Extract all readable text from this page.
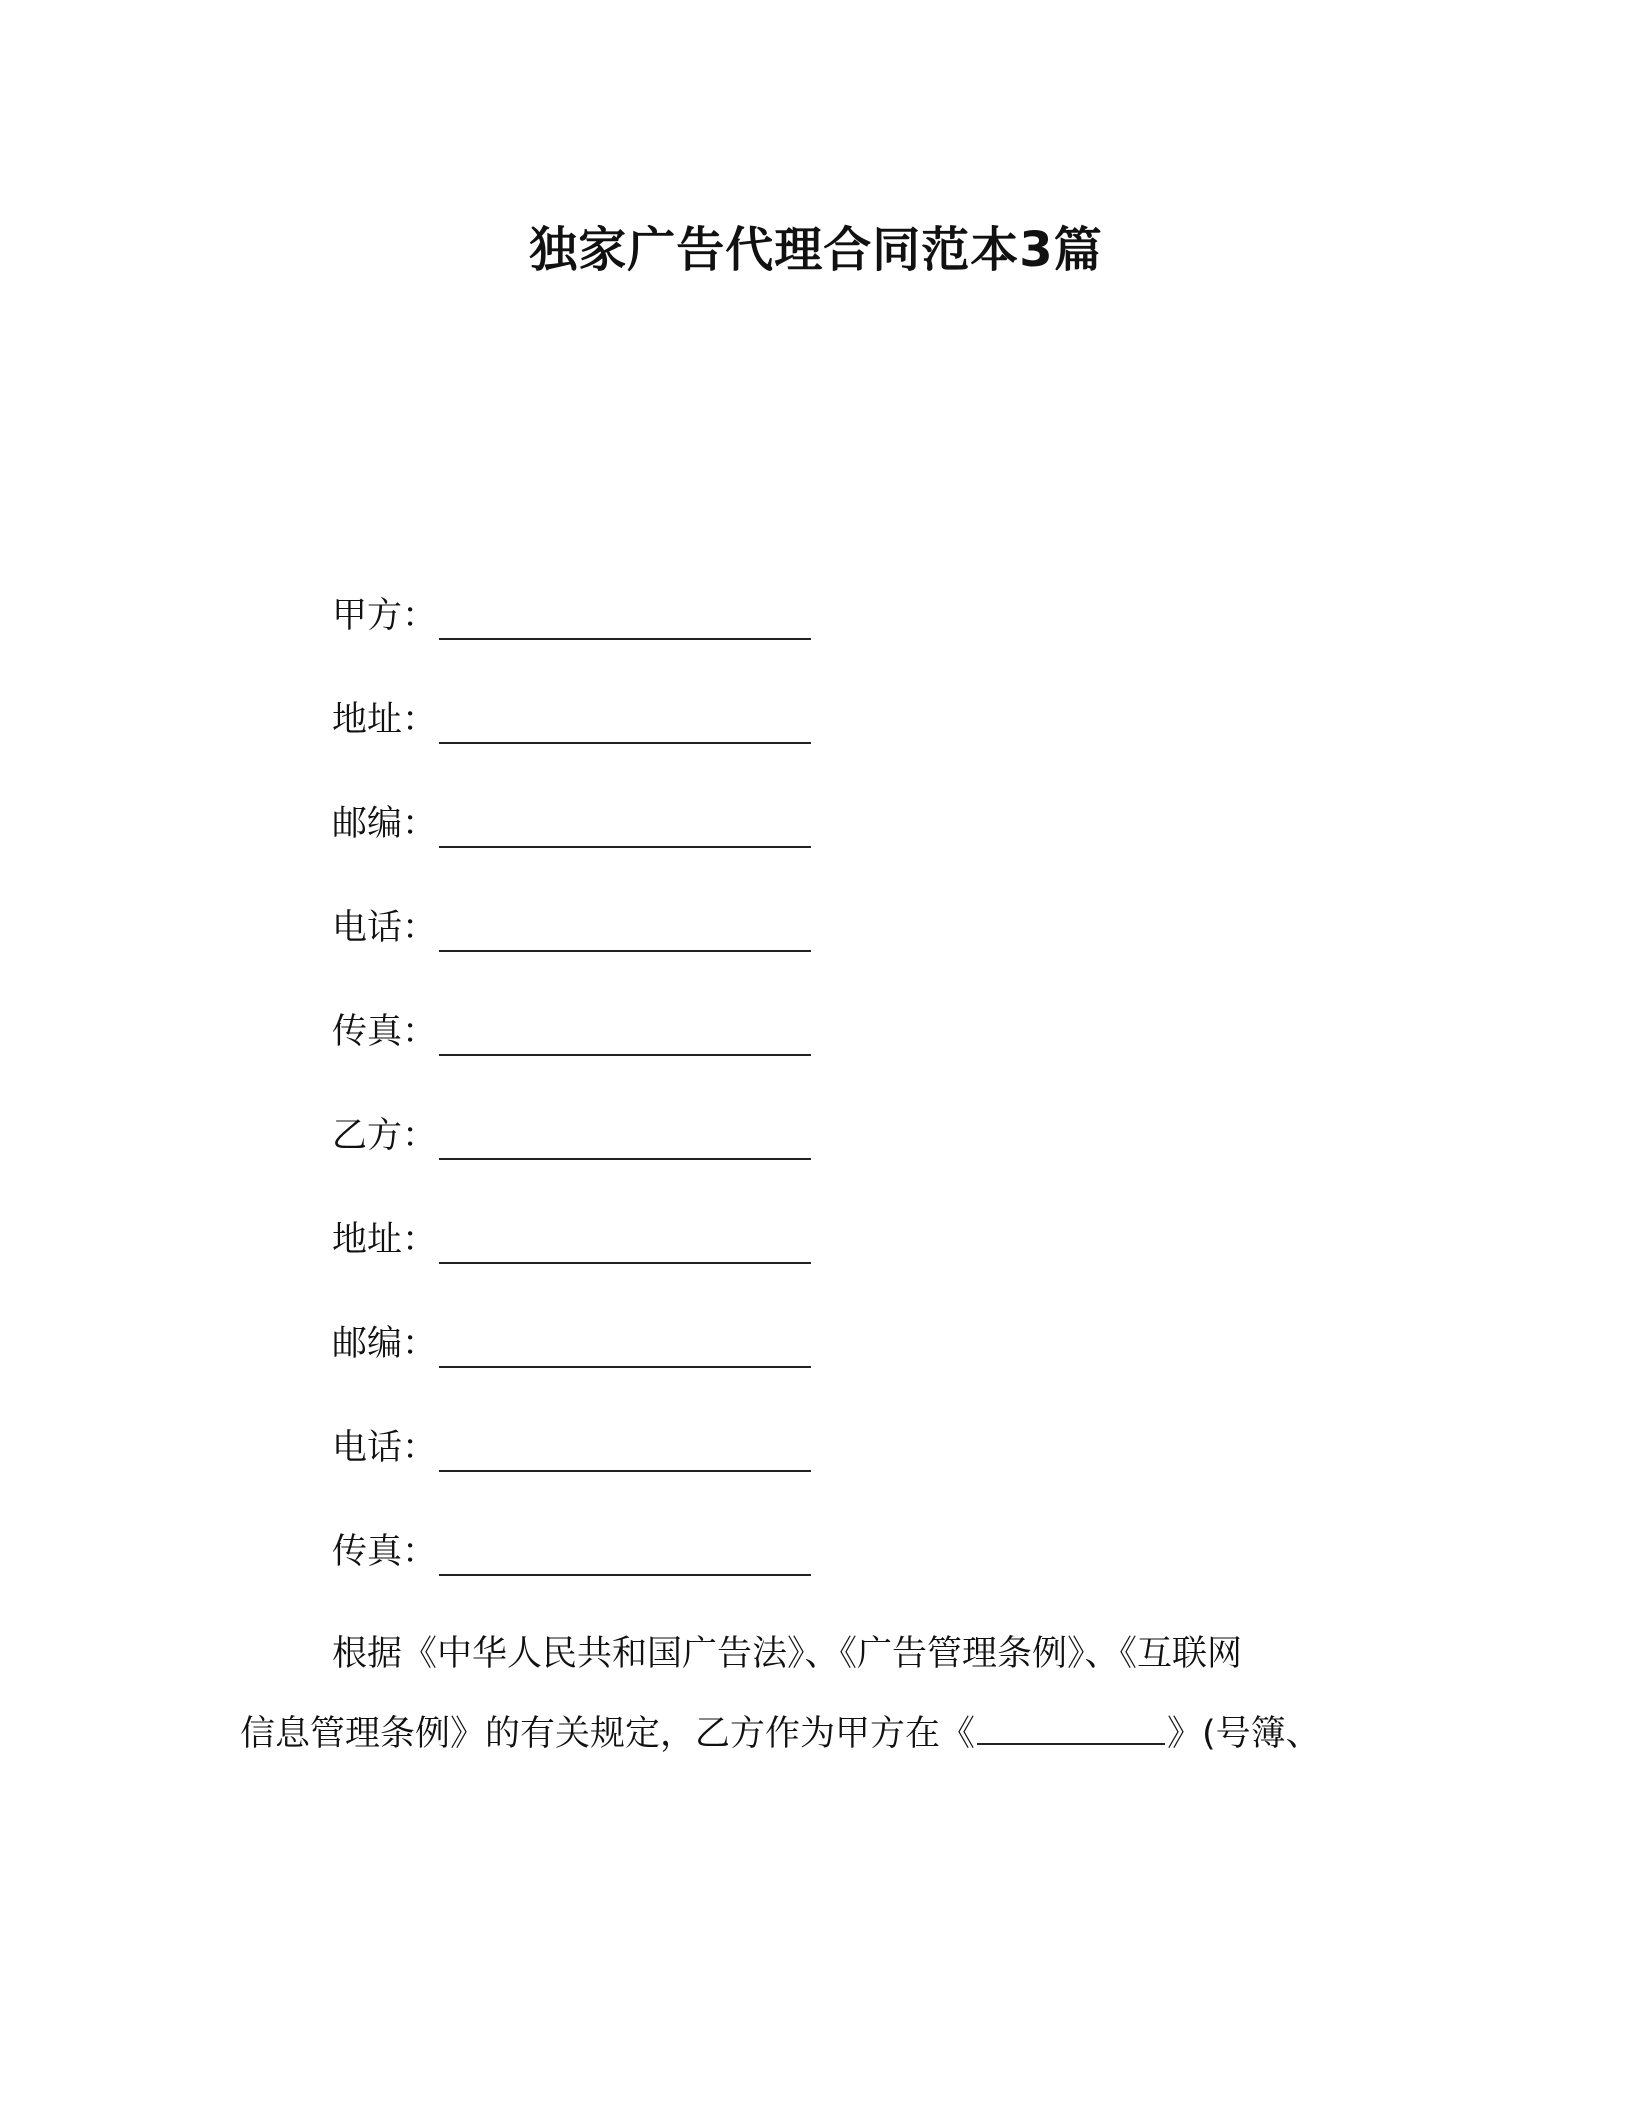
独家广告代理合同范本3篇
甲方：
地址：
邮编：
电话：
传真：
乙方：
地址：
邮编：
电话：
传真：
根据《中华人民共和国广告法》、《广告管理条例》、《互联网
信息管理条例》的有关规定，乙方作为甲方在《	》(号簿、
